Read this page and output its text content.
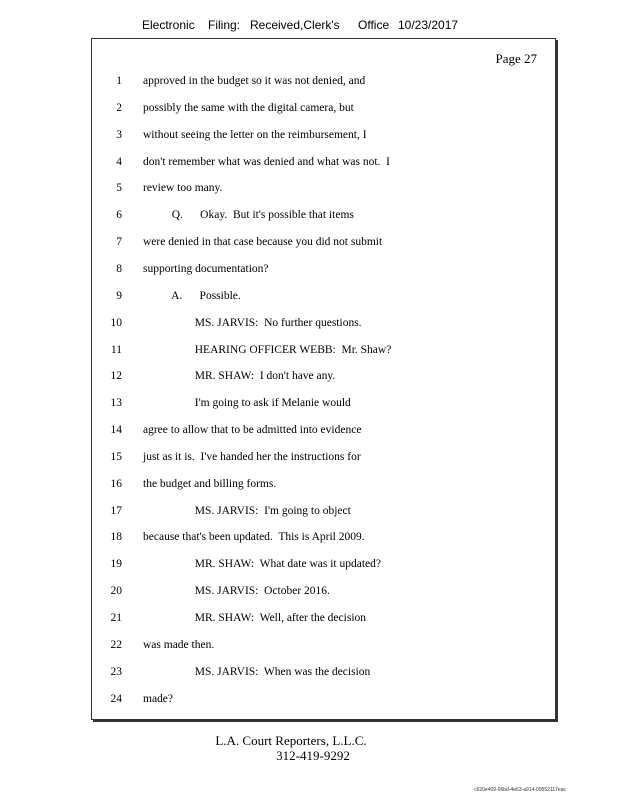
Electronic Filing: Received,Clerk's Office 10/23/2017
Page 27
1 approved in the budget so it was not denied, and
2 possibly the same with the digital camera, but
3 without seeing the letter on the reimbursement, I
4 don't remember what was denied and what was not.  I
5 review too many.
6 Q.      Okay.  But it's possible that items
7 were denied in that case because you did not submit
8 supporting documentation?
9 A.      Possible.
10 MS. JARVIS:  No further questions.
11 HEARING OFFICER WEBB:  Mr. Shaw?
12 MR. SHAW:  I don't have any.
13 I'm going to ask if Melanie would
14 agree to allow that to be admitted into evidence
15 just as it is.  I've handed her the instructions for
16 the budget and billing forms.
17 MS. JARVIS:  I'm going to object
18 because that's been updated.  This is April 2009.
19 MR. SHAW:  What date was it updated?
20 MS. JARVIS:  October 2016.
21 MR. SHAW:  Well, after the decision
22 was made then.
23 MS. JARVIS:  When was the decision
24 made?
L.A. Court Reporters, L.L.C.
312-419-9292
c620e409-96bd-4e63-a914-09552117eac
